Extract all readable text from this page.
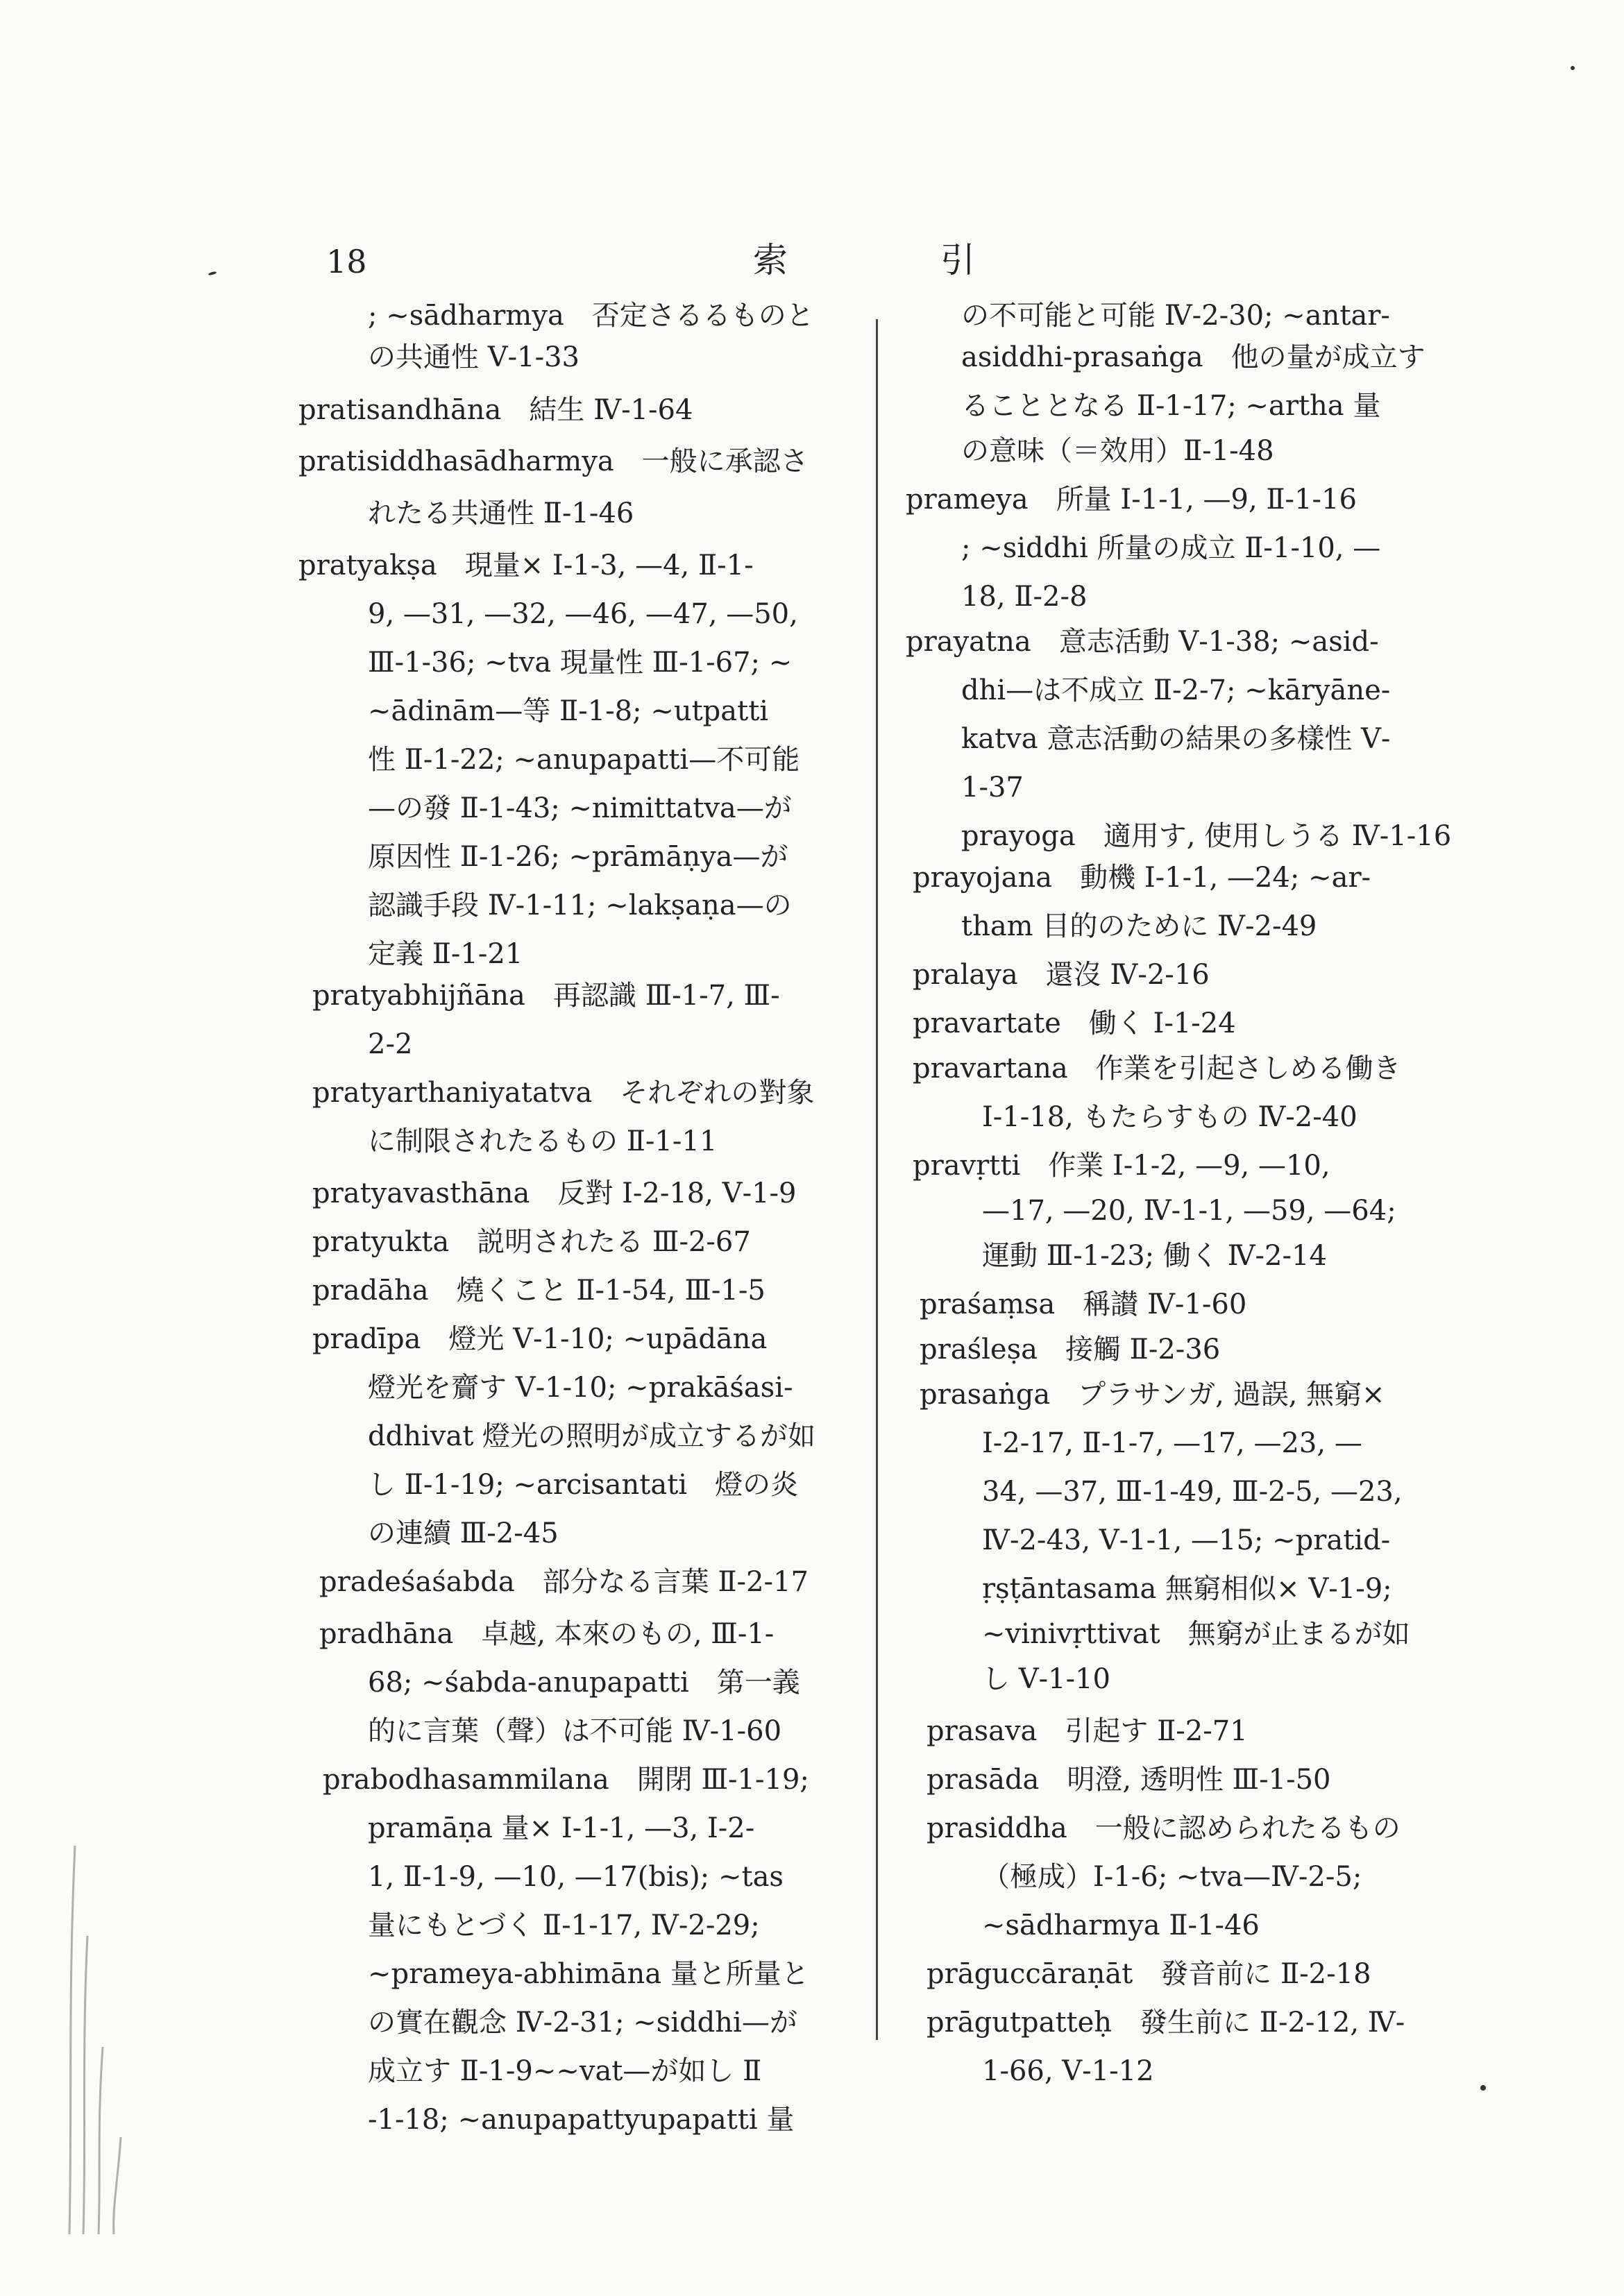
18	索	引
; ~sādharmya　否定さるるものと
の共通性 Ⅴ-1-33
pratisandhāna　結生 Ⅳ-1-64
pratisiddhasādharmya　一般に承認さ
れたる共通性 Ⅱ-1-46
pratyakṣa　現量× Ⅰ-1-3, —4, Ⅱ-1-
9, —31, —32, —46, —47, —50,
Ⅲ-1-36; ~tva 現量性 Ⅲ-1-67; ~
~ādinām—等 Ⅱ-1-8; ~utpatti
性 Ⅱ-1-22; ~anupapatti—不可能
—の發 Ⅱ-1-43; ~nimittatva—が
原因性 Ⅱ-1-26; ~prāmāṇya—が
認識手段 Ⅳ-1-11; ~lakṣaṇa—の
定義 Ⅱ-1-21
pratyabhijñāna　再認識 Ⅲ-1-7, Ⅲ-
2-2
pratyarthaniyatatva　それぞれの對象
に制限されたるもの Ⅱ-1-11
pratyavasthāna　反對 Ⅰ-2-18, Ⅴ-1-9
pratyukta　説明されたる Ⅲ-2-67
pradāha　燒くこと Ⅱ-1-54, Ⅲ-1-5
pradīpa　燈光 Ⅴ-1-10; ~upādāna
燈光を齎す Ⅴ-1-10; ~prakāśasi-
ddhivat 燈光の照明が成立するが如
し Ⅱ-1-19; ~arcisantati　燈の炎
の連續 Ⅲ-2-45
pradeśaśabda　部分なる言葉 Ⅱ-2-17
pradhāna　卓越, 本來のもの, Ⅲ-1-
68; ~śabda-anupapatti　第一義
的に言葉（聲）は不可能 Ⅳ-1-60
prabodhasammilana　開閉 Ⅲ-1-19;
pramāṇa 量× Ⅰ-1-1, —3, Ⅰ-2-
1, Ⅱ-1-9, —10, —17(bis); ~tas
量にもとづく Ⅱ-1-17, Ⅳ-2-29;
~prameya-abhimāna 量と所量と
の實在觀念 Ⅳ-2-31; ~siddhi—が
成立す Ⅱ-1-9~~vat—が如し Ⅱ
-1-18; ~anupapattyupapatti 量
の不可能と可能 Ⅳ-2-30; ~antar-
asiddhi-prasaṅga　他の量が成立す
ることとなる Ⅱ-1-17; ~artha 量
の意味（＝效用）Ⅱ-1-48
prameya　所量 Ⅰ-1-1, —9, Ⅱ-1-16
; ~siddhi 所量の成立 Ⅱ-1-10, —
18, Ⅱ-2-8
prayatna　意志活動 Ⅴ-1-38; ~asid-
dhi—は不成立 Ⅱ-2-7; ~kāryāne-
katva 意志活動の結果の多樣性 Ⅴ-
1-37
prayoga　適用す, 使用しうる Ⅳ-1-16
prayojana　動機 Ⅰ-1-1, —24; ~ar-
tham 目的のために Ⅳ-2-49
pralaya　還沒 Ⅳ-2-16
pravartate　働く Ⅰ-1-24
pravartana　作業を引起さしめる働き
Ⅰ-1-18, もたらすもの Ⅳ-2-40
pravṛtti　作業 Ⅰ-1-2, —9, —10,
—17, —20, Ⅳ-1-1, —59, —64;
運動 Ⅲ-1-23; 働く Ⅳ-2-14
praśaṃsa　稱讃 Ⅳ-1-60
praśleṣa　接觸 Ⅱ-2-36
prasaṅga　プラサンガ, 過誤, 無窮×
Ⅰ-2-17, Ⅱ-1-7, —17, —23, —
34, —37, Ⅲ-1-49, Ⅲ-2-5, —23,
Ⅳ-2-43, Ⅴ-1-1, —15; ~pratid-
ṛṣṭāntasama 無窮相似× Ⅴ-1-9;
~vinivṛttivat　無窮が止まるが如
し Ⅴ-1-10
prasava　引起す Ⅱ-2-71
prasāda　明澄, 透明性 Ⅲ-1-50
prasiddha　一般に認められたるもの
（極成）Ⅰ-1-6; ~tva—Ⅳ-2-5;
~sādharmya Ⅱ-1-46
prāguccāraṇāt　發音前に Ⅱ-2-18
prāgutpatteḥ　發生前に Ⅱ-2-12, Ⅳ-
1-66, Ⅴ-1-12
